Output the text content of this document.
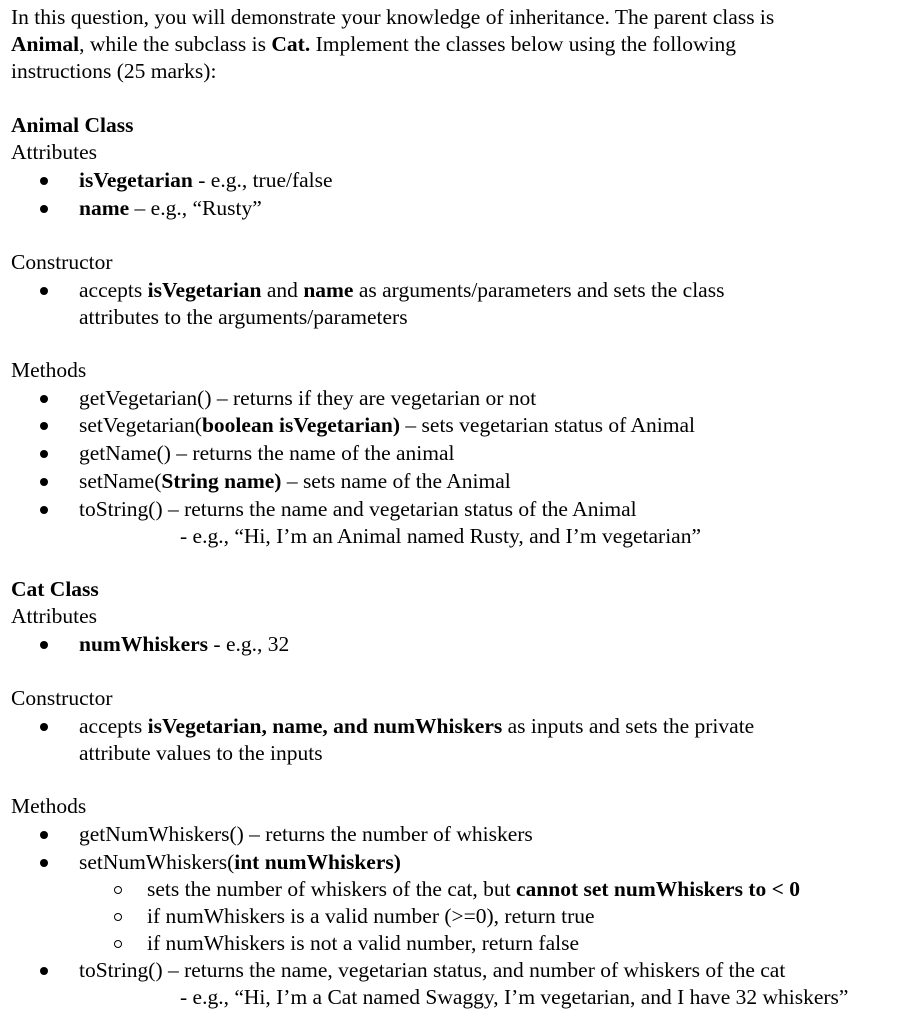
In this question, you will demonstrate your knowledge of inheritance. The parent class is
Animal, while the subclass is Cat. Implement the classes below using the following
instructions (25 marks):
Animal Class
Attributes
isVegetarian - e.g., true/false
name – e.g., “Rusty”
Constructor
accepts isVegetarian and name as arguments/parameters and sets the class
attributes to the arguments/parameters
Methods
getVegetarian() – returns if they are vegetarian or not
setVegetarian(boolean isVegetarian) – sets vegetarian status of Animal
getName() – returns the name of the animal
setName(String name) – sets name of the Animal
toString() – returns the name and vegetarian status of the Animal
- e.g., “Hi, I’m an Animal named Rusty, and I’m vegetarian”
Cat Class
Attributes
numWhiskers - e.g., 32
Constructor
accepts isVegetarian, name, and numWhiskers as inputs and sets the private
attribute values to the inputs
Methods
getNumWhiskers() – returns the number of whiskers
setNumWhiskers(int numWhiskers)
sets the number of whiskers of the cat, but cannot set numWhiskers to < 0
if numWhiskers is a valid number (>=0), return true
if numWhiskers is not a valid number, return false
toString() – returns the name, vegetarian status, and number of whiskers of the cat
- e.g., “Hi, I’m a Cat named Swaggy, I’m vegetarian, and I have 32 whiskers”
